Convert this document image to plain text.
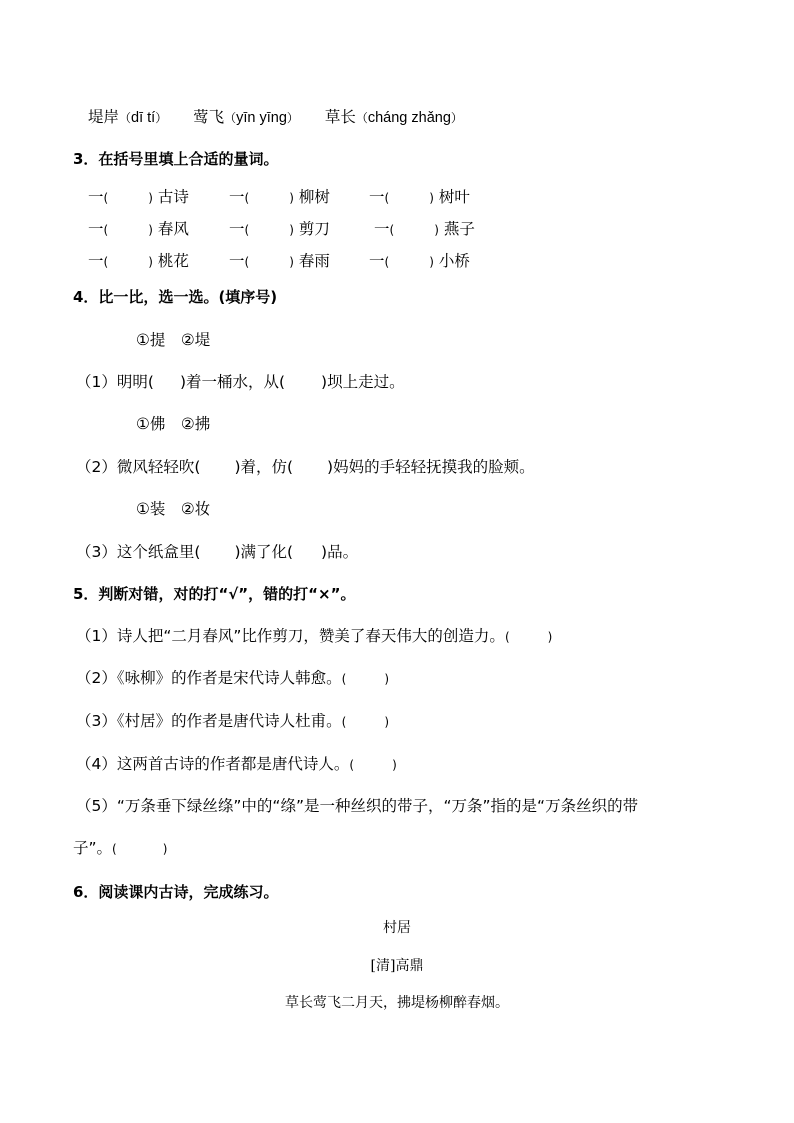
堤岸（dī tí） 莺飞（yīn yīng） 草长（cháng zhǎng）
3．在括号里填上合适的量词。
一(	) 古诗	一(	) 柳树	一(	) 树叶
一(	) 春风	一(	) 剪刀	一(	) 燕子
一(	) 桃花	一(	) 春雨	一(	) 小桥
4．比一比，选一选。(填序号)
①提　②堤
（1）明明( )着一桶水，从( )坝上走过。
①佛　②拂
（2）微风轻轻吹( )着，仿( )妈妈的手轻轻抚摸我的脸颊。
①装　②妆
（3）这个纸盒里( )满了化( )品。
5．判断对错，对的打“√”，错的打“×”。
（1）诗人把“二月春风”比作剪刀，赞美了春天伟大的创造力。(	)
（2）《咏柳》的作者是宋代诗人韩愈。(	)
（3）《村居》的作者是唐代诗人杜甫。(	)
（4）这两首古诗的作者都是唐代诗人。(	)
（5）“万条垂下绿丝绦”中的“绦”是一种丝织的带子，“万条”指的是“万条丝织的带
子”。(	)
6．阅读课内古诗，完成练习。
村居
[清]高鼎
草长莺飞二月天，拂堤杨柳醉春烟。
